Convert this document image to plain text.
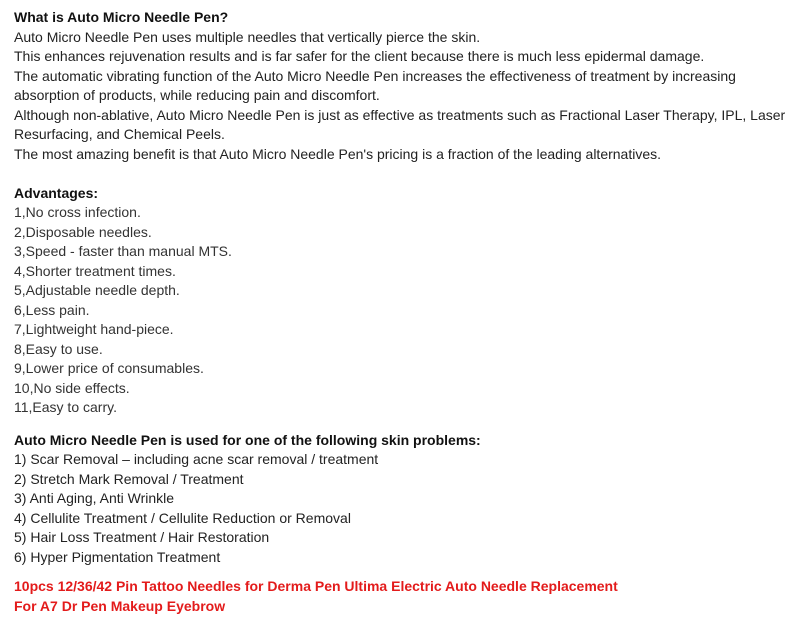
What is Auto Micro Needle Pen?

Auto Micro Needle Pen uses multiple needles that vertically pierce the skin.

This enhances rejuvenation results and is far safer for the client because there is much less epidermal damage.

The automatic vibrating function of the Auto Micro Needle Pen increases the effectiveness of treatment by increasing absorption of products, while reducing pain and discomfort.

Although non-ablative, Auto Micro Needle Pen is just as effective as treatments such as Fractional Laser Therapy, IPL, Laser Resurfacing, and Chemical Peels.

The most amazing benefit is that Auto Micro Needle Pen's pricing is a fraction of the leading alternatives.

Advantages:

1,No cross infection.

2,Disposable needles.

3,Speed - faster than manual MTS.

4,Shorter treatment times.

5,Adjustable needle depth.

6,Less pain.

7,Lightweight hand-piece.

8,Easy to use.

9,Lower price of consumables.

10,No side effects.

11,Easy to carry.

Auto Micro Needle Pen is used for one of the following skin problems:

1) Scar Removal – including acne scar removal / treatment

2) Stretch Mark Removal / Treatment

3) Anti Aging, Anti Wrinkle

4) Cellulite Treatment / Cellulite Reduction or Removal

5) Hair Loss Treatment / Hair Restoration

6) Hyper Pigmentation Treatment

10pcs 12/36/42 Pin Tattoo Needles for Derma Pen Ultima Electric Auto Needle Replacement

For A7 Dr Pen Makeup Eyebrow
